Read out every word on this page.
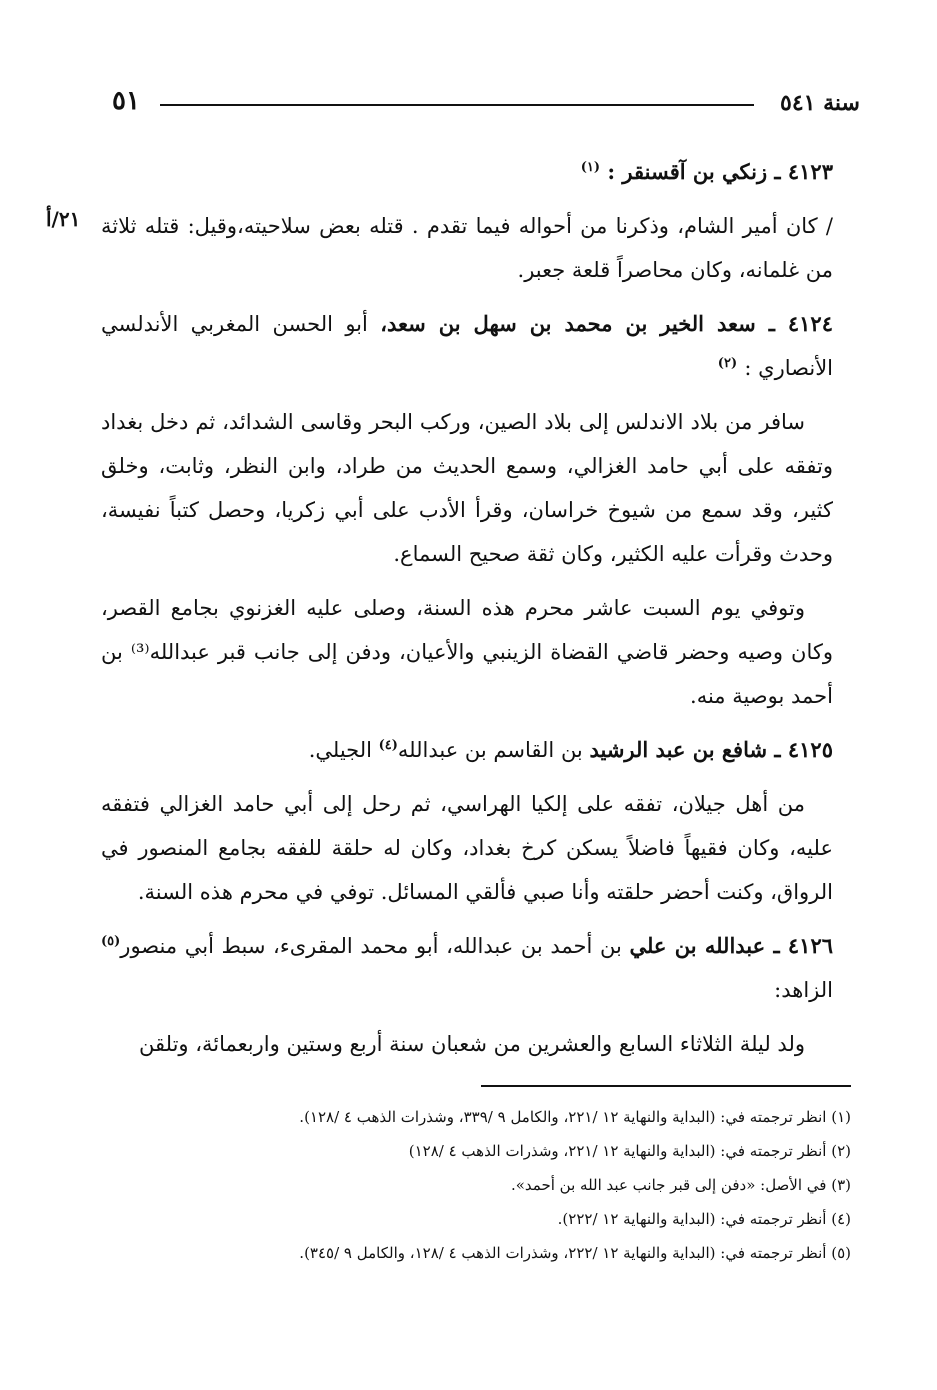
سنة ٥٤١
٥١
٢١/أ

٤١٢٣ ـ زنكي بن آقسنقر : $^{(١)}$

/ كان أمير الشام، وذكرنا من أحواله فيما تقدم . قتله بعض سلاحيته،وقيل: قتله ثلاثة من غلمانه، وكان محاصراً قلعة جعبر.

٤١٢٤ ـ سعد الخير بن محمد بن سهل بن سعد، أبو الحسن المغربي الأندلسي الأنصاري : $^{(٢)}$

سافر من بلاد الاندلس إلى بلاد الصين، وركب البحر وقاسى الشدائد، ثم دخل بغداد وتفقه على أبي حامد الغزالي، وسمع الحديث من طراد، وابن النظر، وثابت، وخلق كثير، وقد سمع من شيوخ خراسان، وقرأ الأدب على أبي زكريا، وحصل كتباً نفيسة، وحدث وقرأت عليه الكثير، وكان ثقة صحيح السماع.

وتوفي يوم السبت عاشر محرم هذه السنة، وصلى عليه الغزنوي بجامع القصر، وكان وصيه وحضر قاضي القضاة الزينبي والأعيان، ودفن إلى جانب قبر عبدالله⁽³⁾ بن أحمد بوصية منه.

٤١٢٥ ـ شافع بن عبد الرشيد بن القاسم بن عبدالله$^{(٤)}$ الجيلي.

من أهل جيلان، تفقه على إلكيا الهراسي، ثم رحل إلى أبي حامد الغزالي فتفقه عليه، وكان فقيهاً فاضلاً يسكن كرخ بغداد، وكان له حلقة للفقه بجامع المنصور في الرواق، وكنت أحضر حلقته وأنا صبي فألقي المسائل. توفي في محرم هذه السنة.

٤١٢٦ ـ عبدالله بن علي بن أحمد بن عبدالله، أبو محمد المقرىء، سبط أبي منصور$^{(٥)}$ الزاهد:

ولد ليلة الثلاثاء السابع والعشرين من شعبان سنة أربع وستين واربعمائة، وتلقن

(١) انظر ترجمته في: (البداية والنهاية ١٢ /٢٢١، والكامل ٩ /٣٣٩، وشذرات الذهب ٤ /١٢٨).
(٢) أنظر ترجمته في: (البداية والنهاية ١٢ /٢٢١، وشذرات الذهب ٤ /١٢٨)
(٣) في الأصل: «دفن إلى قبر جانب عبد الله بن أحمد».
(٤) أنظر ترجمته في: (البداية والنهاية ١٢ /٢٢٢).
(٥) أنظر ترجمته في: (البداية والنهاية ١٢ /٢٢٢، وشذرات الذهب ٤ /١٢٨، والكامل ٩ /٣٤٥).
